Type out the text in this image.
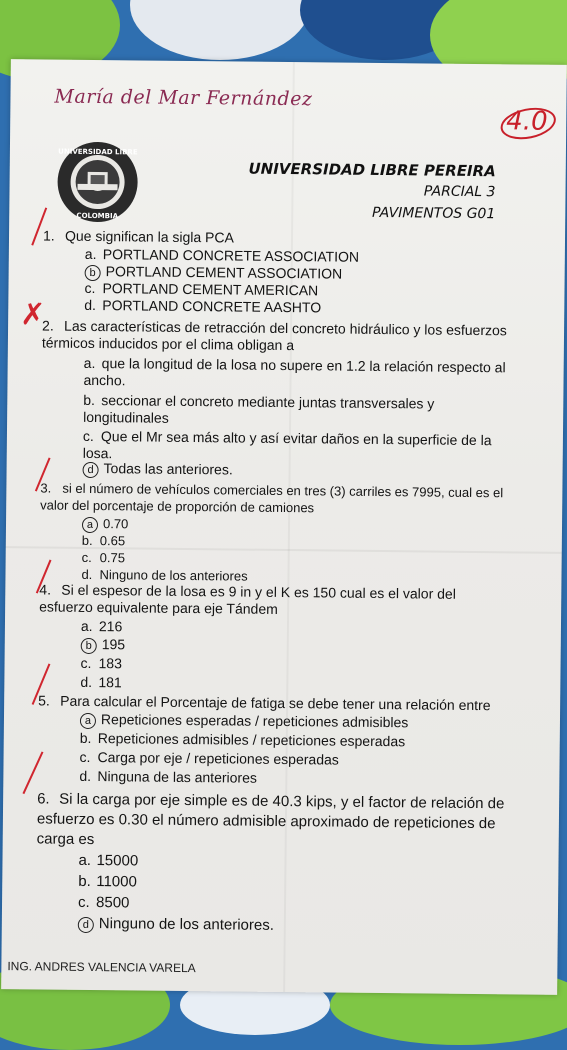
María del Mar Fernández
4.0
UNIVERSIDAD LIBRE
COLOMBIA
UNIVERSIDAD LIBRE PEREIRA
PARCIAL 3
PAVIMENTOS G01
1. Que significan la sigla PCA
a. PORTLAND CONCRETE ASSOCIATION
b PORTLAND CEMENT ASSOCIATION
c. PORTLAND CEMENT AMERICAN
d. PORTLAND CONCRETE AASHTO
2. Las características de retracción del concreto hidráulico y los esfuerzos térmicos inducidos por el clima obligan a
a. que la longitud de la losa no supere en 1.2 la relación respecto al ancho.
b. seccionar el concreto mediante juntas transversales y longitudinales
c. Que el Mr sea más alto y así evitar daños en la superficie de la losa.
d Todas las anteriores.
3. si el número de vehículos comerciales en tres (3) carriles es 7995, cual es el valor del porcentaje de proporción de camiones
a 0.70
b. 0.65
c. 0.75
d. Ninguno de los anteriores
4. Si el espesor de la losa es 9 in y el K es 150 cual es el valor del esfuerzo equivalente para eje Tándem
a. 216
b 195
c. 183
d. 181
5. Para calcular el Porcentaje de fatiga se debe tener una relación entre
a Repeticiones esperadas / repeticiones admisibles
b. Repeticiones admisibles / repeticiones esperadas
c. Carga por eje / repeticiones esperadas
d. Ninguna de las anteriores
6. Si la carga por eje simple es de 40.3 kips, y el factor de relación de esfuerzo es 0.30 el número admisible aproximado de repeticiones de carga es
a. 15000
b. 11000
c. 8500
d Ninguno de los anteriores.
✗
ING. ANDRES VALENCIA VARELA
